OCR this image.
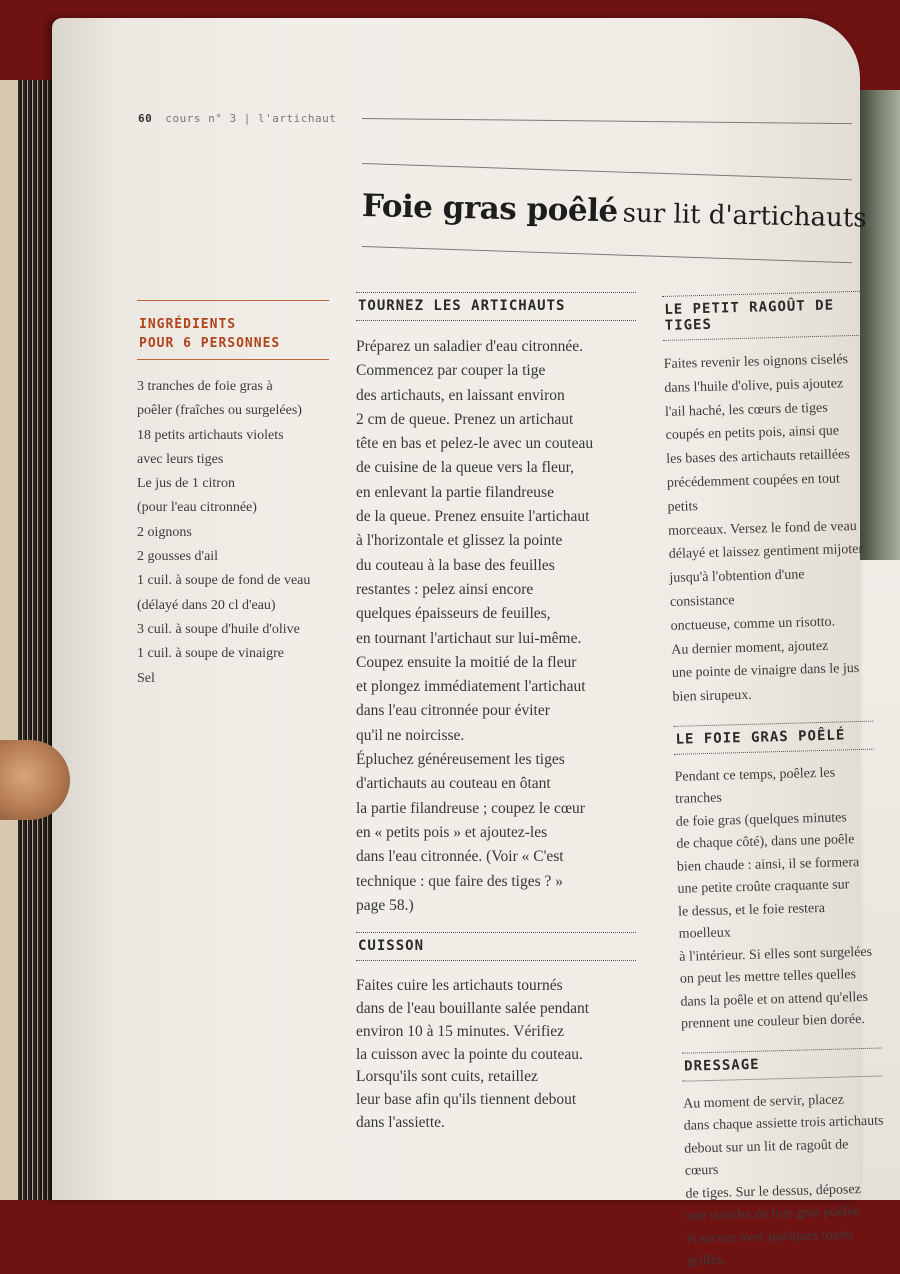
60 cours n° 3 | l'artichaut
Foie gras poêlé sur lit d'artichauts
INGRÉDIENTS
POUR 6 PERSONNES

3 tranches de foie gras à
poêler (fraîches ou surgelées)
18 petits artichauts violets
avec leurs tiges
Le jus de 1 citron
(pour l'eau citronnée)
2 oignons
2 gousses d'ail
1 cuil. à soupe de fond de veau
(délayé dans 20 cl d'eau)
3 cuil. à soupe d'huile d'olive
1 cuil. à soupe de vinaigre
Sel

TOURNEZ LES ARTICHAUTS

Préparez un saladier d'eau citronnée.
Commencez par couper la tige
des artichauts, en laissant environ
2 cm de queue. Prenez un artichaut
tête en bas et pelez-le avec un couteau
de cuisine de la queue vers la fleur,
en enlevant la partie filandreuse
de la queue. Prenez ensuite l'artichaut
à l'horizontale et glissez la pointe
du couteau à la base des feuilles
restantes : pelez ainsi encore
quelques épaisseurs de feuilles,
en tournant l'artichaut sur lui-même.
Coupez ensuite la moitié de la fleur
et plongez immédiatement l'artichaut
dans l'eau citronnée pour éviter
qu'il ne noircisse.
Épluchez généreusement les tiges
d'artichauts au couteau en ôtant
la partie filandreuse ; coupez le cœur
en « petits pois » et ajoutez-les
dans l'eau citronnée. (Voir « C'est
technique : que faire des tiges ? »
page 58.)

CUISSON

Faites cuire les artichauts tournés
dans de l'eau bouillante salée pendant
environ 10 à 15 minutes. Vérifiez
la cuisson avec la pointe du couteau.
Lorsqu'ils sont cuits, retaillez
leur base afin qu'ils tiennent debout
dans l'assiette.

LE PETIT RAGOÛT DE TIGES

Faites revenir les oignons ciselés
dans l'huile d'olive, puis ajoutez
l'ail haché, les cœurs de tiges
coupés en petits pois, ainsi que
les bases des artichauts retaillées
précédemment coupées en tout petits
morceaux. Versez le fond de veau
délayé et laissez gentiment mijoter
jusqu'à l'obtention d'une consistance
onctueuse, comme un risotto.
Au dernier moment, ajoutez
une pointe de vinaigre dans le jus
bien sirupeux.

LE FOIE GRAS POÊLÉ

Pendant ce temps, poêlez les tranches
de foie gras (quelques minutes
de chaque côté), dans une poêle
bien chaude : ainsi, il se formera
une petite croûte craquante sur
le dessus, et le foie restera moelleux
à l'intérieur. Si elles sont surgelées
on peut les mettre telles quelles
dans la poêle et on attend qu'elles
prennent une couleur bien dorée.

DRESSAGE

Au moment de servir, placez
dans chaque assiette trois artichauts
debout sur un lit de ragoût de cœurs
de tiges. Sur le dessus, déposez
une tranche de foie gras poêlée
et servez avec quelques toasts grillés.
